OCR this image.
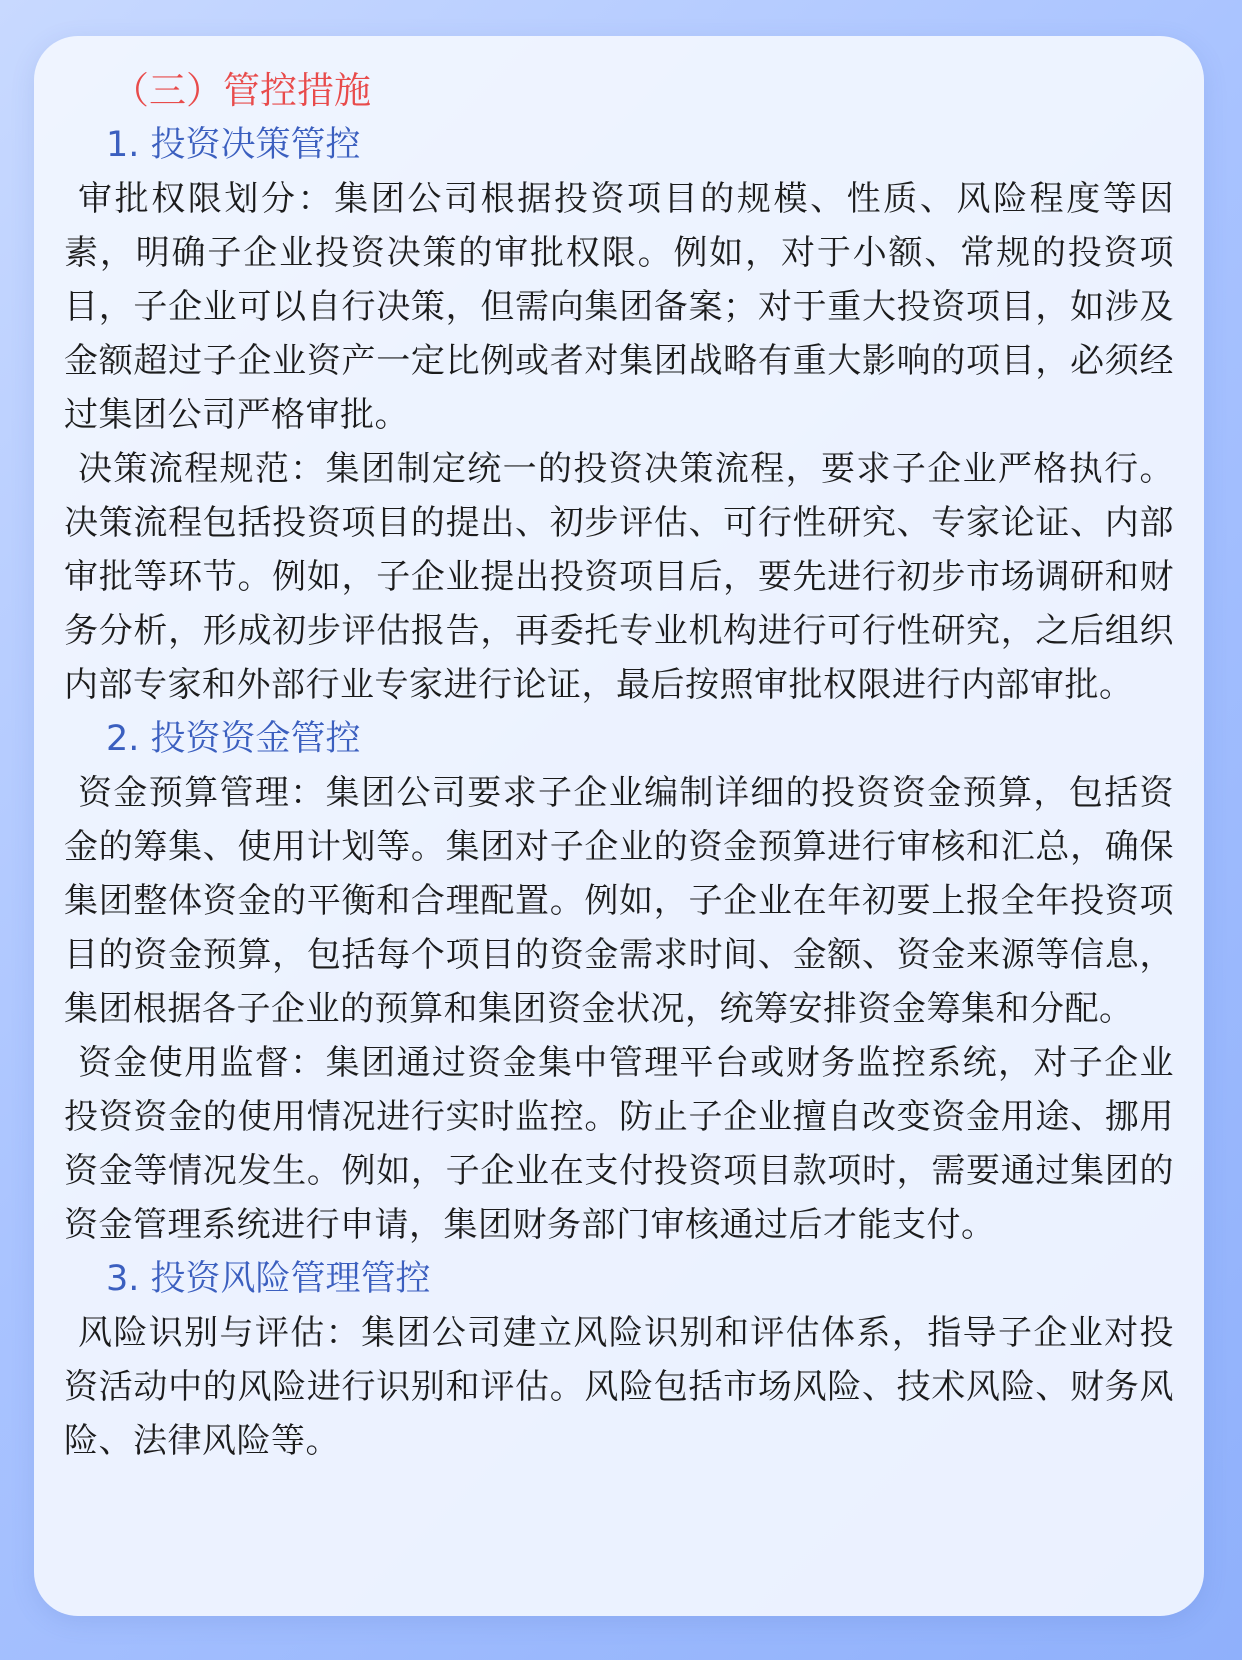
（三）管控措施
1. 投资决策管控

审批权限划分：集团公司根据投资项目的规模、性质、风险程度等因素，明确子企业投资决策的审批权限。例如，对于小额、常规的投资项目，子企业可以自行决策，但需向集团备案；对于重大投资项目，如涉及金额超过子企业资产一定比例或者对集团战略有重大影响的项目，必须经过集团公司严格审批。

决策流程规范：集团制定统一的投资决策流程，要求子企业严格执行。决策流程包括投资项目的提出、初步评估、可行性研究、专家论证、内部审批等环节。例如，子企业提出投资项目后，要先进行初步市场调研和财务分析，形成初步评估报告，再委托专业机构进行可行性研究，之后组织内部专家和外部行业专家进行论证，最后按照审批权限进行内部审批。

2. 投资资金管控

资金预算管理：集团公司要求子企业编制详细的投资资金预算，包括资金的筹集、使用计划等。集团对子企业的资金预算进行审核和汇总，确保集团整体资金的平衡和合理配置。例如，子企业在年初要上报全年投资项目的资金预算，包括每个项目的资金需求时间、金额、资金来源等信息，集团根据各子企业的预算和集团资金状况，统筹安排资金筹集和分配。

资金使用监督：集团通过资金集中管理平台或财务监控系统，对子企业投资资金的使用情况进行实时监控。防止子企业擅自改变资金用途、挪用资金等情况发生。例如，子企业在支付投资项目款项时，需要通过集团的资金管理系统进行申请，集团财务部门审核通过后才能支付。

3. 投资风险管理管控

风险识别与评估：集团公司建立风险识别和评估体系，指导子企业对投资活动中的风险进行识别和评估。风险包括市场风险、技术风险、财务风险、法律风险等。
